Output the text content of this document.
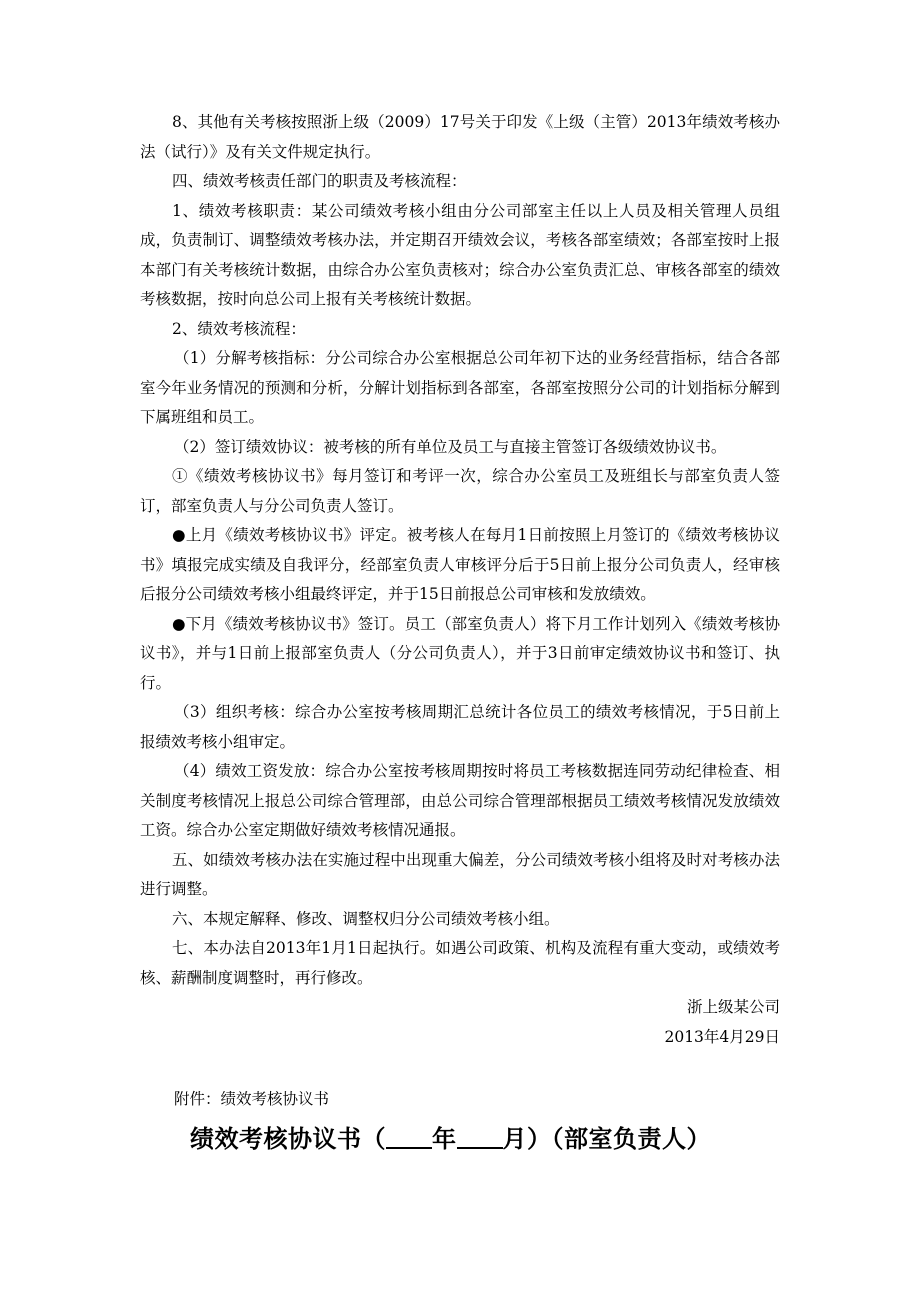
8、其他有关考核按照浙上级（2009）17号关于印发《上级（主管）2013年绩效考核办法（试行）》及有关文件规定执行。

四、绩效考核责任部门的职责及考核流程：

1、绩效考核职责：某公司绩效考核小组由分公司部室主任以上人员及相关管理人员组成，负责制订、调整绩效考核办法，并定期召开绩效会议，考核各部室绩效；各部室按时上报本部门有关考核统计数据，由综合办公室负责核对；综合办公室负责汇总、审核各部室的绩效考核数据，按时向总公司上报有关考核统计数据。

2、绩效考核流程：

（1）分解考核指标：分公司综合办公室根据总公司年初下达的业务经营指标，结合各部室今年业务情况的预测和分析，分解计划指标到各部室，各部室按照分公司的计划指标分解到下属班组和员工。

（2）签订绩效协议：被考核的所有单位及员工与直接主管签订各级绩效协议书。

①《绩效考核协议书》每月签订和考评一次，综合办公室员工及班组长与部室负责人签订，部室负责人与分公司负责人签订。

●上月《绩效考核协议书》评定。被考核人在每月1日前按照上月签订的《绩效考核协议书》填报完成实绩及自我评分，经部室负责人审核评分后于5日前上报分公司负责人，经审核后报分公司绩效考核小组最终评定，并于15日前报总公司审核和发放绩效。

●下月《绩效考核协议书》签订。员工（部室负责人）将下月工作计划列入《绩效考核协议书》，并与1日前上报部室负责人（分公司负责人），并于3日前审定绩效协议书和签订、执行。

（3）组织考核：综合办公室按考核周期汇总统计各位员工的绩效考核情况，于5日前上报绩效考核小组审定。

（4）绩效工资发放：综合办公室按考核周期按时将员工考核数据连同劳动纪律检查、相关制度考核情况上报总公司综合管理部，由总公司综合管理部根据员工绩效考核情况发放绩效工资。综合办公室定期做好绩效考核情况通报。

五、如绩效考核办法在实施过程中出现重大偏差，分公司绩效考核小组将及时对考核办法进行调整。

六、本规定解释、修改、调整权归分公司绩效考核小组。

七、本办法自2013年1月1日起执行。如遇公司政策、机构及流程有重大变动，或绩效考核、薪酬制度调整时，再行修改。

浙上级某公司

2013年4月29日

附件：绩效考核协议书

绩效考核协议书（ 年 月）（部室负责人）
